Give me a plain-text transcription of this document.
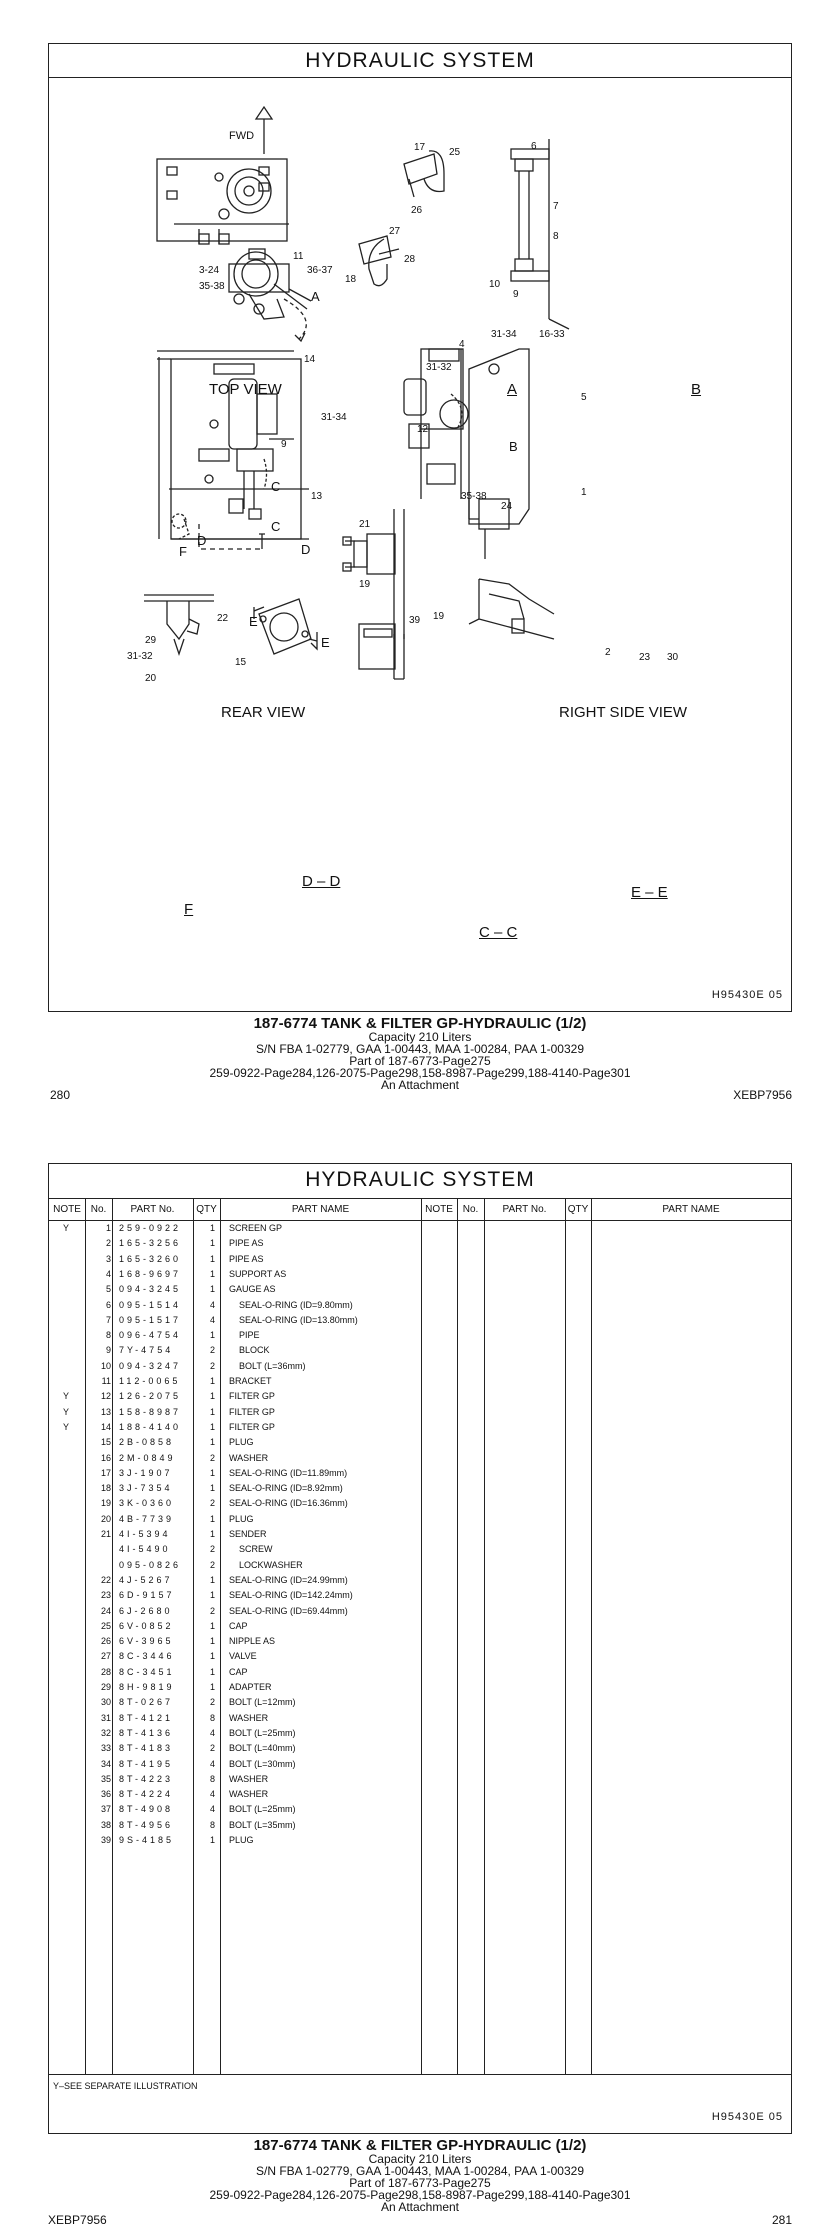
HYDRAULIC SYSTEM
FWD
17 25
26
27
28
18
6
7
8
10
9
11
3-24	36-37
35-38
A
14
31-34
9
13
C
C
F
D
D
4
31-34 16-33
31-32
5
12
B
35-38
24
1
21
19
22
29
31-32
15
20
E
E
39 19
2	23 30
TOP VIEW	A	B
REAR VIEW	RIGHT SIDE VIEW
F
D – D
C – C
E – E
H95430E 05
187-6774 TANK & FILTER GP-HYDRAULIC (1/2)
Capacity 210 Liters
S/N FBA 1-02779, GAA 1-00443, MAA 1-00284, PAA 1-00329
Part of 187-6773-Page275
259-0922-Page284,126-2075-Page298,158-8987-Page299,188-4140-Page301
An Attachment
280	XEBP7956
HYDRAULIC SYSTEM
NOTE No.	PART No.	QTY	PART NAME	NOTE No.	PART No.	QTY	PART NAME
Y–SEE SEPARATE ILLUSTRATION
H95430E 05
Y	1 259-0922	1 SCREEN GP
2 165-3256	1 PIPE AS
3 165-3260	1 PIPE AS
4 168-9697	1 SUPPORT AS
5 094-3245	1 GAUGE AS
6 095-1514	4	SEAL-O-RING (ID=9.80mm)
7 095-1517	4	SEAL-O-RING (ID=13.80mm)
8 096-4754	1	PIPE
9 7Y-4754	2	BLOCK
10 094-3247	2	BOLT (L=36mm)
11 112-0065	1 BRACKET
Y	12 126-2075	1 FILTER GP
Y	13 158-8987	1 FILTER GP
Y	14 188-4140	1 FILTER GP
15 2B-0858	1 PLUG
16 2M-0849	2 WASHER
17 3J-1907	1 SEAL-O-RING (ID=11.89mm)
18 3J-7354	1 SEAL-O-RING (ID=8.92mm)
19 3K-0360	2 SEAL-O-RING (ID=16.36mm)
20 4B-7739	1 PLUG
21 4I-5394	1 SENDER
4I-5490	2	SCREW
095-0826	2	LOCKWASHER
22 4J-5267	1 SEAL-O-RING (ID=24.99mm)
23 6D-9157	1 SEAL-O-RING (ID=142.24mm)
24 6J-2680	2 SEAL-O-RING (ID=69.44mm)
25 6V-0852	1 CAP
26 6V-3965	1 NIPPLE AS
27 8C-3446	1 VALVE
28 8C-3451	1 CAP
29 8H-9819	1 ADAPTER
30 8T-0267	2 BOLT (L=12mm)
31 8T-4121	8 WASHER
32 8T-4136	4 BOLT (L=25mm)
33 8T-4183	2 BOLT (L=40mm)
34 8T-4195	4 BOLT (L=30mm)
35 8T-4223	8 WASHER
36 8T-4224	4 WASHER
37 8T-4908	4 BOLT (L=25mm)
38 8T-4956	8 BOLT (L=35mm)
39 9S-4185	1 PLUG
187-6774 TANK & FILTER GP-HYDRAULIC (1/2)
Capacity 210 Liters
S/N FBA 1-02779, GAA 1-00443, MAA 1-00284, PAA 1-00329
Part of 187-6773-Page275
259-0922-Page284,126-2075-Page298,158-8987-Page299,188-4140-Page301
An Attachment
XEBP7956	281
